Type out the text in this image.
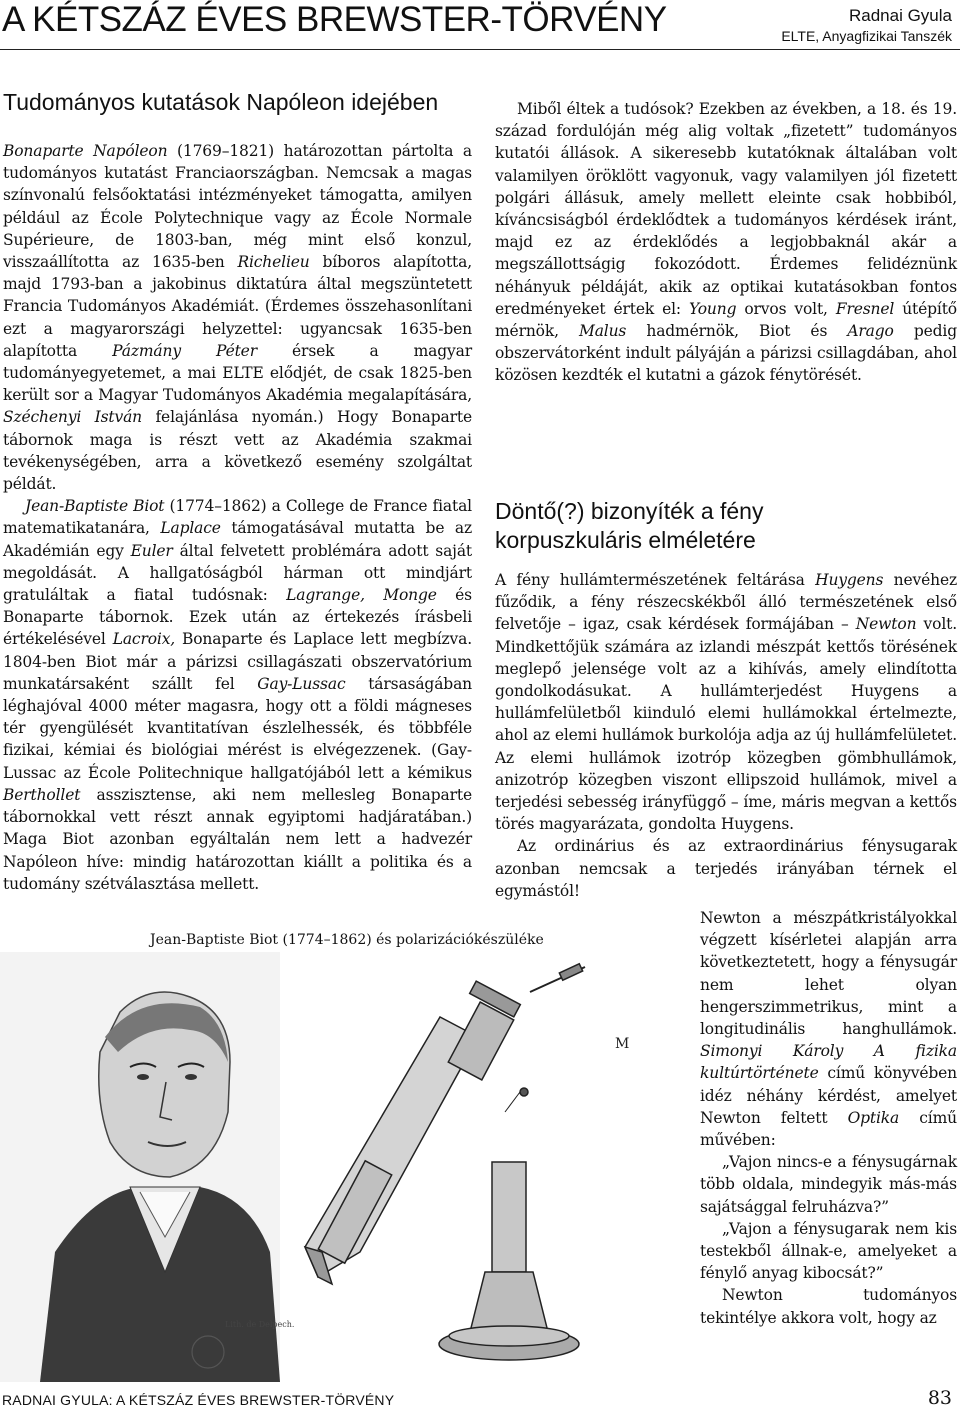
A KÉTSZÁZ ÉVES BREWSTER-TÖRVÉNY	Radnai Gyula
ELTE, Anyagfizikai Tanszék
Tudományos kutatások Napóleon idejében

Bonaparte Napóleon (1769–1821) határozottan pártolta a tudományos kutatást Franciaországban. Nemcsak a magas színvonalú felsőoktatási intézményeket támogatta, amilyen például az École Polytechnique vagy az École Normale Supérieure, de 1803-ban, még mint első konzul, visszaállította az 1635-ben Richelieu bíboros alapította, majd 1793-ban a jakobinus diktatúra által megszüntetett Francia Tudományos Akadémiát. (Érdemes összehasonlítani ezt a magyarországi helyzettel: ugyancsak 1635-ben alapította Pázmány Péter érsek a magyar tudományegyetemet, a mai ELTE elődjét, de csak 1825-ben került sor a Magyar Tudományos Akadémia megalapítására, Széchenyi István felajánlása nyomán.) Hogy Bonaparte tábornok maga is részt vett az Akadémia szakmai tevékenységében, arra a következő esemény szolgáltat példát.

Jean-Baptiste Biot (1774–1862) a College de France fiatal matematikatanára, Laplace támogatásával mutatta be az Akadémián egy Euler által felvetett problémára adott saját megoldását. A hallgatóságból hárman ott mindjárt gratuláltak a fiatal tudósnak: Lagrange, Monge és Bonaparte tábornok. Ezek után az értekezés írásbeli értékelésével Lacroix, Bonaparte és Laplace lett megbízva. 1804-ben Biot már a párizsi csillagászati obszervatórium munkatársaként szállt fel Gay-Lussac társaságában léghajóval 4000 méter magasra, hogy ott a földi mágneses tér gyengülését kvantitatívan észlelhessék, és többféle fizikai, kémiai és biológiai mérést is elvégezzenek. (Gay-Lussac az École Politechnique hallgatójából lett a kémikus Berthollet asszisztense, aki nem mellesleg Bonaparte tábornokkal vett részt annak egyiptomi hadjáratában.) Maga Biot azonban egyáltalán nem lett a hadvezér Napóleon híve: mindig határozottan kiállt a politika és a tudomány szétválasztása mellett.

Miből éltek a tudósok? Ezekben az években, a 18. és 19. század fordulóján még alig voltak „fizetett” tudományos kutatói állások. A sikeresebb kutatóknak általában volt valamilyen öröklött vagyonuk, vagy valamilyen jól fizetett polgári állásuk, amely mellett eleinte csak hobbiból, kíváncsiságból érdeklődtek a tudományos kérdések iránt, majd ez az érdeklődés a legjobbaknál akár a megszállottságig fokozódott. Érdemes felidéznünk néhányuk példáját, akik az optikai kutatásokban fontos eredményeket értek el: Young orvos volt, Fresnel útépítő mérnök, Malus hadmérnök, Biot és Arago pedig obszervátorként indult pályáján a párizsi csillagdában, ahol közösen kezdték el kutatni a gázok fénytörését.

Döntő(?) bizonyíték a fény
korpuszkuláris elméletére

A fény hullámtermészetének feltárása Huygens nevéhez fűződik, a fény részecskékből álló természetének első felvetője – igaz, csak kérdések formájában – Newton volt. Mindkettőjük számára az izlandi mészpát kettős törésének meglepő jelensége volt az a kihívás, amely elindította gondolkodásukat. A hullámterjedést Huygens a hullámfelületből kiinduló elemi hullámokkal értelmezte, ahol az elemi hullámok burkolója adja az új hullámfelületet. Az elemi hullámok izotróp közegben gömbhullámok, anizotróp közegben viszont ellipszoid hullámok, mivel a terjedési sebesség irányfüggő – íme, máris megvan a kettős törés magyarázata, gondolta Huygens.

Az ordinárius és az extraordinárius fénysugarak azonban nemcsak a terjedés irányában térnek el egymástól!

Newton a mészpátkristályokkal végzett kísérletei alapján arra következtetett, hogy a fénysugár nem lehet olyan hengerszimmetrikus, mint a longitudinális hanghullámok. Simonyi Károly A fizika kultúrtörténete című könyvében idéz néhány kérdést, amelyet Newton feltett Optika című művében:

„Vajon nincs-e a fénysugárnak több oldala, mindegyik más-más sajátsággal felruházva?”

„Vajon a fénysugarak nem kis testekből állnak-e, amelyeket a fénylő anyag kibocsát?”

Newton tudományos tekintélye akkora volt, hogy az

Jean-Baptiste Biot (1774–1862) és polarizációkészüléke
Lith. de Delpech.
M
RADNAI GYULA: A KÉTSZÁZ ÉVES BREWSTER-TÖRVÉNY	83
